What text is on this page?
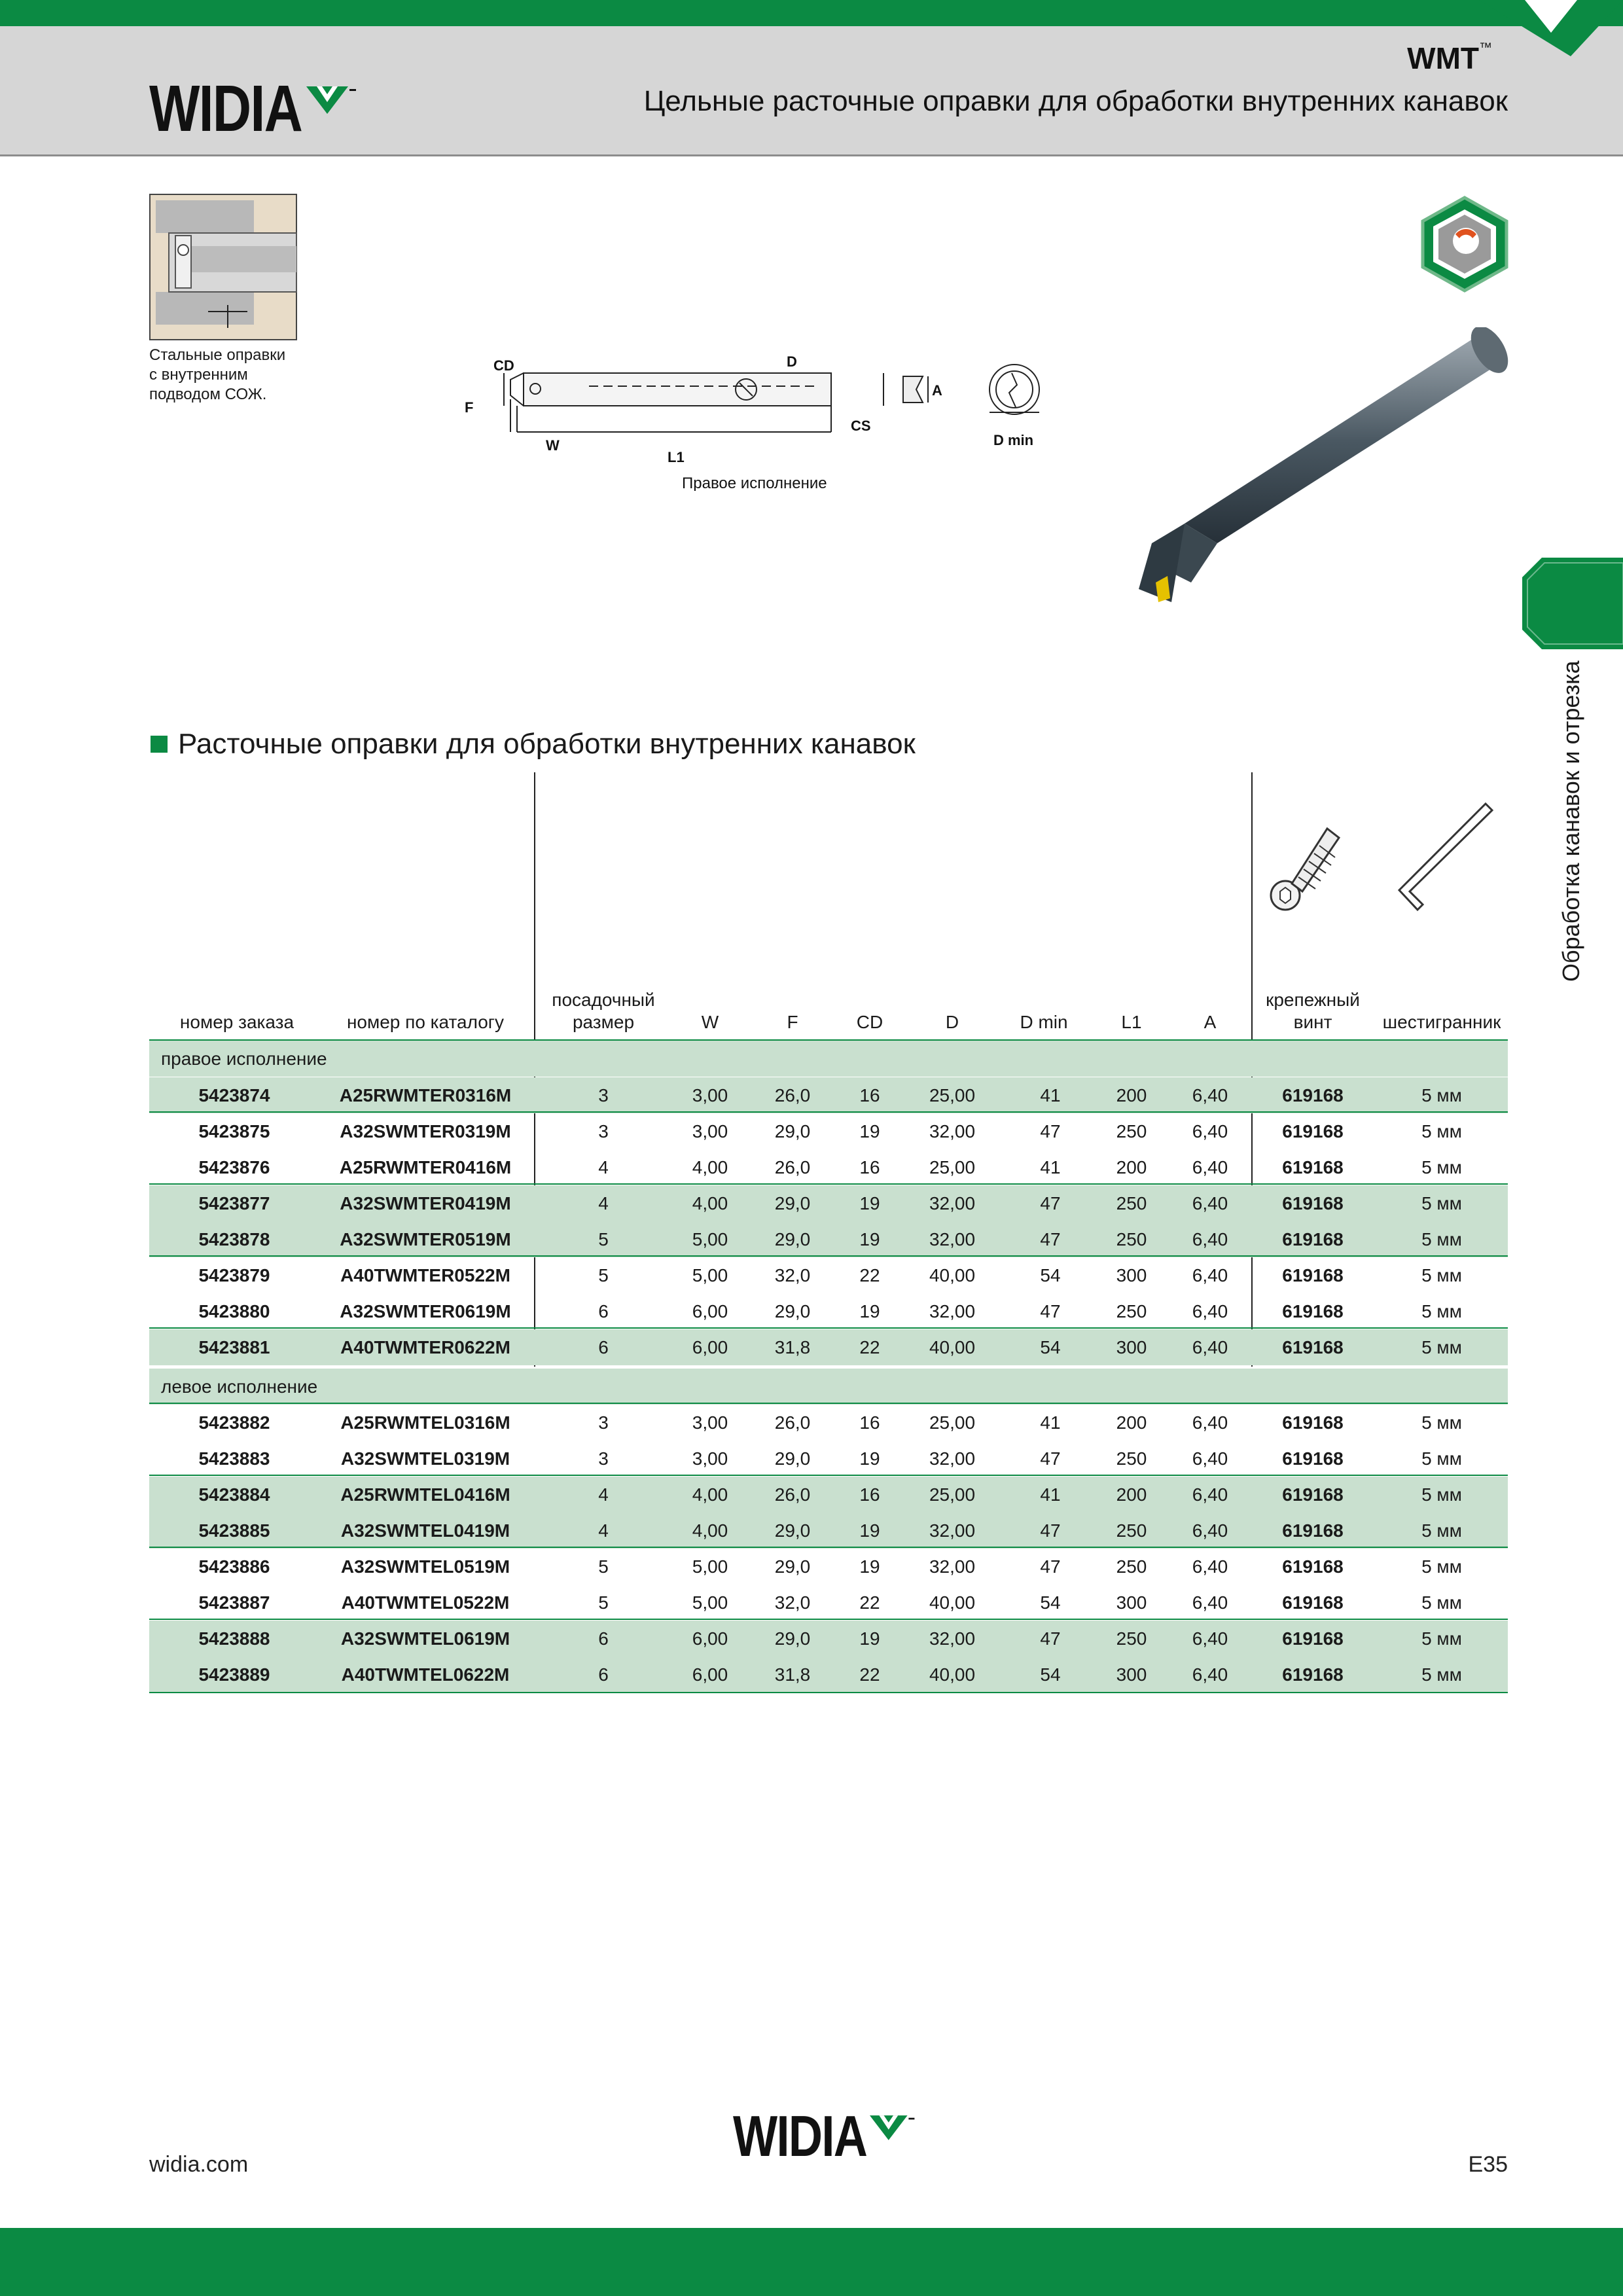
WIDIA
WMT™
Цельные расточные оправки для обработки внутренних канавок
Обработка канавок и отрезка
Стальные оправки
с внутренним
подводом СОЖ.
CD	D
F
W
L1
CS
A
D min
Правое исполнение
Расточные оправки для обработки внутренних канавок
номер заказа	номер по каталогу
посадочный
размер	W	F	CD	D	D min	L1	A
крепежный
винт	шестигранник
правое исполнение
левое исполнение
WIDIA
widia.com	E35
5423874	A25RWMTER0316M	3	3,00	26,0	16	25,00	41	200	6,40	619168	5 мм
5423875	A32SWMTER0319M	3	3,00	29,0	19	32,00	47	250	6,40	619168	5 мм
5423876	A25RWMTER0416M	4	4,00	26,0	16	25,00	41	200	6,40	619168	5 мм
5423877	A32SWMTER0419M	4	4,00	29,0	19	32,00	47	250	6,40	619168	5 мм
5423878	A32SWMTER0519M	5	5,00	29,0	19	32,00	47	250	6,40	619168	5 мм
5423879	A40TWMTER0522M	5	5,00	32,0	22	40,00	54	300	6,40	619168	5 мм
5423880	A32SWMTER0619M	6	6,00	29,0	19	32,00	47	250	6,40	619168	5 мм
5423881	A40TWMTER0622M	6	6,00	31,8	22	40,00	54	300	6,40	619168	5 мм
5423882	A25RWMTEL0316M	3	3,00	26,0	16	25,00	41	200	6,40	619168	5 мм
5423883	A32SWMTEL0319M	3	3,00	29,0	19	32,00	47	250	6,40	619168	5 мм
5423884	A25RWMTEL0416M	4	4,00	26,0	16	25,00	41	200	6,40	619168	5 мм
5423885	A32SWMTEL0419M	4	4,00	29,0	19	32,00	47	250	6,40	619168	5 мм
5423886	A32SWMTEL0519M	5	5,00	29,0	19	32,00	47	250	6,40	619168	5 мм
5423887	A40TWMTEL0522M	5	5,00	32,0	22	40,00	54	300	6,40	619168	5 мм
5423888	A32SWMTEL0619M	6	6,00	29,0	19	32,00	47	250	6,40	619168	5 мм
5423889	A40TWMTEL0622M	6	6,00	31,8	22	40,00	54	300	6,40	619168	5 мм
